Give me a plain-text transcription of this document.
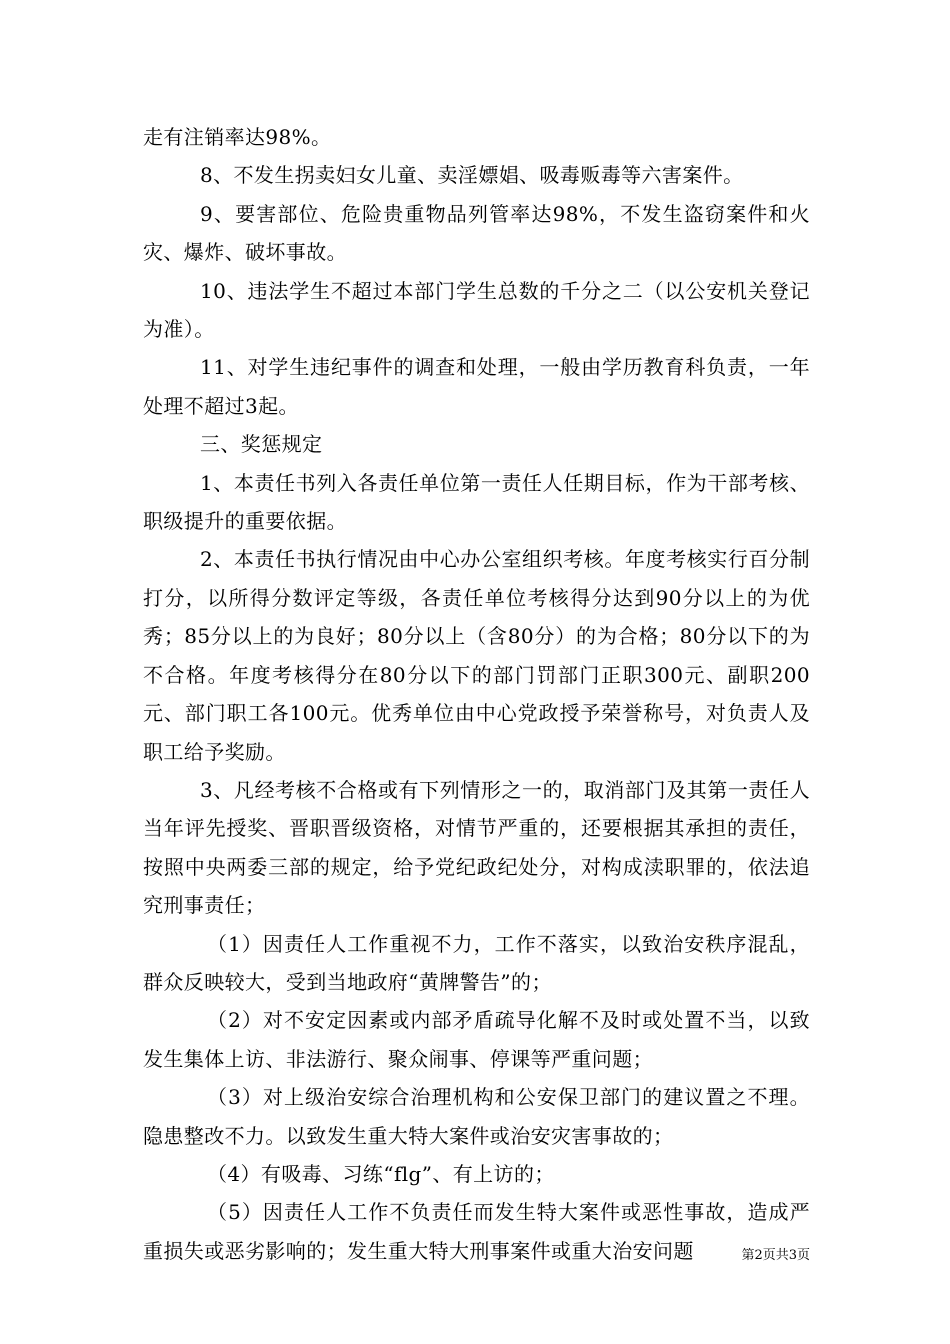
走有注销率达98%。

8、不发生拐卖妇女儿童、卖淫嫖娼、吸毒贩毒等六害案件。

9、要害部位、危险贵重物品列管率达98%，不发生盗窃案件和火灾、爆炸、破坏事故。

10、违法学生不超过本部门学生总数的千分之二（以公安机关登记为准）。

11、对学生违纪事件的调查和处理，一般由学历教育科负责，一年处理不超过3起。

三、奖惩规定

1、本责任书列入各责任单位第一责任人任期目标，作为干部考核、职级提升的重要依据。

2、本责任书执行情况由中心办公室组织考核。年度考核实行百分制打分，以所得分数评定等级，各责任单位考核得分达到90分以上的为优秀；85分以上的为良好；80分以上（含80分）的为合格；80分以下的为不合格。年度考核得分在80分以下的部门罚部门正职300元、副职200元、部门职工各100元。优秀单位由中心党政授予荣誉称号，对负责人及职工给予奖励。

3、凡经考核不合格或有下列情形之一的，取消部门及其第一责任人当年评先授奖、晋职晋级资格，对情节严重的，还要根据其承担的责任，按照中央两委三部的规定，给予党纪政纪处分，对构成渎职罪的，依法追究刑事责任；

（1）因责任人工作重视不力，工作不落实，以致治安秩序混乱，群众反映较大，受到当地政府“黄牌警告”的；

（2）对不安定因素或内部矛盾疏导化解不及时或处置不当，以致发生集体上访、非法游行、聚众闹事、停课等严重问题；

（3）对上级治安综合治理机构和公安保卫部门的建议置之不理。隐患整改不力。以致发生重大特大案件或治安灾害事故的；

（4）有吸毒、习练“flg”、有上访的；

（5）因责任人工作不负责任而发生特大案件或恶性事故，造成严重损失或恶劣影响的；发生重大特大刑事案件或重大治安问题	第2页共3页
